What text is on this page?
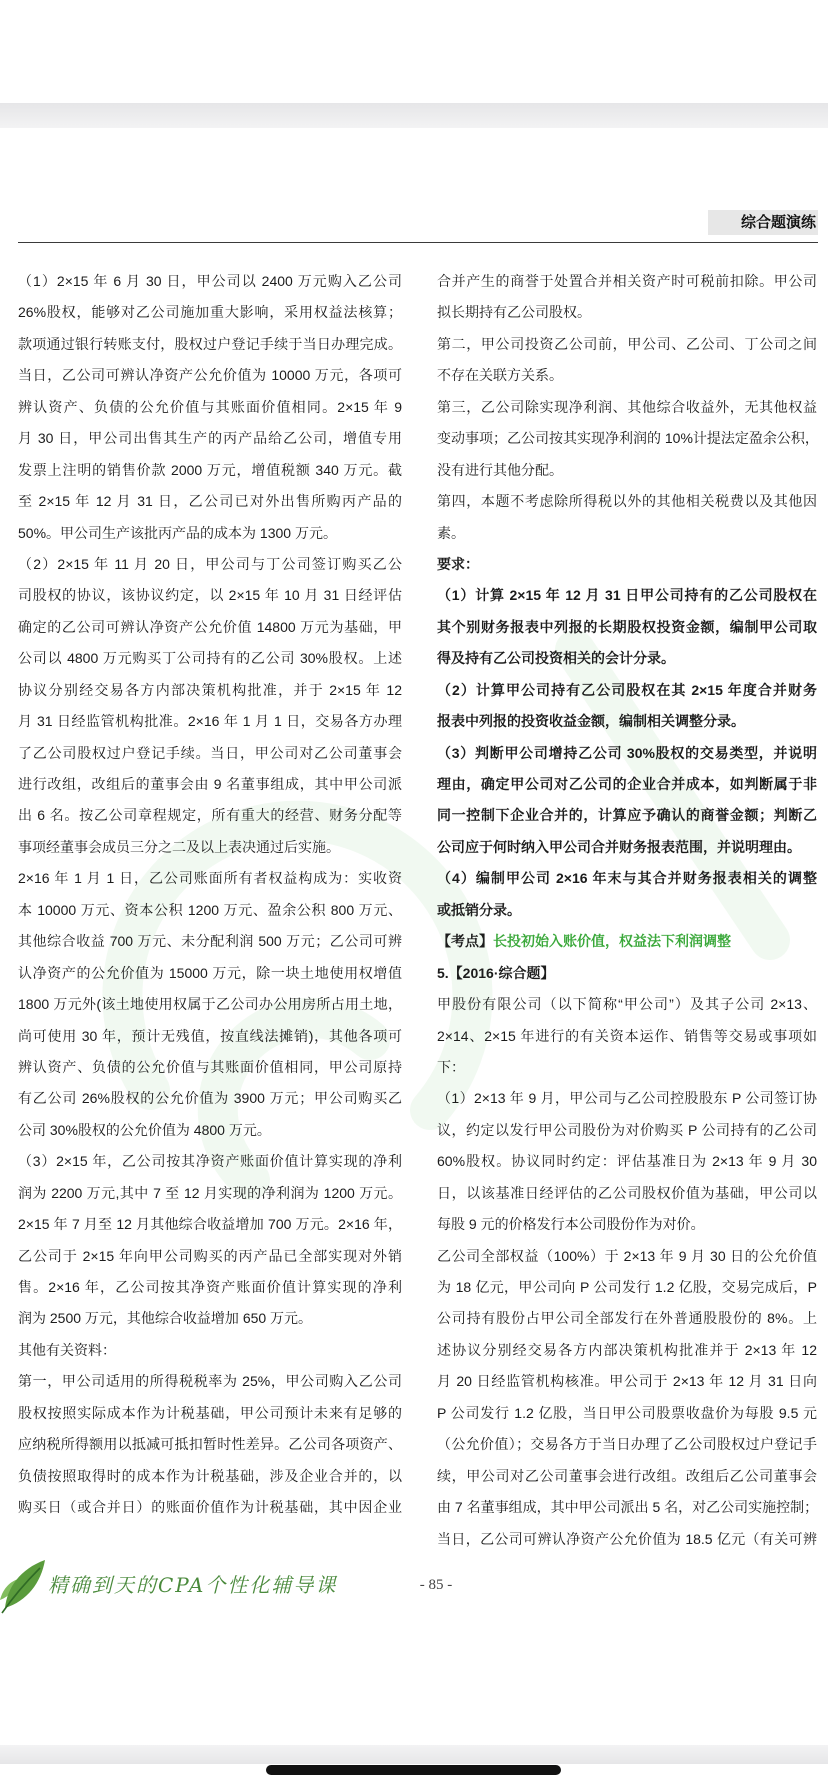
综合题演练
（1）2×15 年 6 月 30 日，甲公司以 2400 万元购入乙公司
26%股权，能够对乙公司施加重大影响，采用权益法核算；
款项通过银行转账支付，股权过户登记手续于当日办理完成。
当日，乙公司可辨认净资产公允价值为 10000 万元，各项可
辨认资产、负债的公允价值与其账面价值相同。2×15 年 9
月 30 日，甲公司出售其生产的丙产品给乙公司，增值专用
发票上注明的销售价款 2000 万元，增值税额 340 万元。截
至 2×15 年 12 月 31 日，乙公司已对外出售所购丙产品的
50%。甲公司生产该批丙产品的成本为 1300 万元。
（2）2×15 年 11 月 20 日，甲公司与丁公司签订购买乙公
司股权的协议，该协议约定，以 2×15 年 10 月 31 日经评估
确定的乙公司可辨认净资产公允价值 14800 万元为基础，甲
公司以 4800 万元购买丁公司持有的乙公司 30%股权。上述
协议分别经交易各方内部决策机构批准，并于 2×15 年 12
月 31 日经监管机构批准。2×16 年 1 月 1 日，交易各方办理
了乙公司股权过户登记手续。当日，甲公司对乙公司董事会
进行改组，改组后的董事会由 9 名董事组成，其中甲公司派
出 6 名。按乙公司章程规定，所有重大的经营、财务分配等
事项经董事会成员三分之二及以上表决通过后实施。
2×16 年 1 月 1 日，乙公司账面所有者权益构成为：实收资
本 10000 万元、资本公积 1200 万元、盈余公积 800 万元、
其他综合收益 700 万元、未分配利润 500 万元；乙公司可辨
认净资产的公允价值为 15000 万元，除一块土地使用权增值
1800 万元外(该土地使用权属于乙公司办公用房所占用土地，
尚可使用 30 年，预计无残值，按直线法摊销)，其他各项可
辨认资产、负债的公允价值与其账面价值相同，甲公司原持
有乙公司 26%股权的公允价值为 3900 万元；甲公司购买乙
公司 30%股权的公允价值为 4800 万元。
（3）2×15 年，乙公司按其净资产账面价值计算实现的净利
润为 2200 万元,其中 7 至 12 月实现的净利润为 1200 万元。
2×15 年 7 月至 12 月其他综合收益增加 700 万元。2×16 年，
乙公司于 2×15 年向甲公司购买的丙产品已全部实现对外销
售。2×16 年，乙公司按其净资产账面价值计算实现的净利
润为 2500 万元，其他综合收益增加 650 万元。
其他有关资料：
第一，甲公司适用的所得税税率为 25%，甲公司购入乙公司
股权按照实际成本作为计税基础，甲公司预计未来有足够的
应纳税所得额用以抵减可抵扣暂时性差异。乙公司各项资产、
负债按照取得时的成本作为计税基础，涉及企业合并的，以
购买日（或合并日）的账面价值作为计税基础，其中因企业
合并产生的商誉于处置合并相关资产时可税前扣除。甲公司
拟长期持有乙公司股权。
第二，甲公司投资乙公司前，甲公司、乙公司、丁公司之间
不存在关联方关系。
第三，乙公司除实现净利润、其他综合收益外，无其他权益
变动事项；乙公司按其实现净利润的 10%计提法定盈余公积，
没有进行其他分配。
第四，本题不考虑除所得税以外的其他相关税费以及其他因
素。
要求：
（1）计算 2×15 年 12 月 31 日甲公司持有的乙公司股权在
其个别财务报表中列报的长期股权投资金额，编制甲公司取
得及持有乙公司投资相关的会计分录。
（2）计算甲公司持有乙公司股权在其 2×15 年度合并财务
报表中列报的投资收益金额，编制相关调整分录。
（3）判断甲公司增持乙公司 30%股权的交易类型，并说明
理由，确定甲公司对乙公司的企业合并成本，如判断属于非
同一控制下企业合并的，计算应予确认的商誉金额；判断乙
公司应于何时纳入甲公司合并财务报表范围，并说明理由。
（4）编制甲公司 2×16 年末与其合并财务报表相关的调整
或抵销分录。
【考点】长投初始入账价值，权益法下利润调整
5.【2016·综合题】
甲股份有限公司（以下简称“甲公司”）及其子公司 2×13、
2×14、2×15 年进行的有关资本运作、销售等交易或事项如
下：
（1）2×13 年 9 月，甲公司与乙公司控股股东 P 公司签订协
议，约定以发行甲公司股份为对价购买 P 公司持有的乙公司
60%股权。协议同时约定：评估基准日为 2×13 年 9 月 30
日，以该基准日经评估的乙公司股权价值为基础，甲公司以
每股 9 元的价格发行本公司股份作为对价。
乙公司全部权益（100%）于 2×13 年 9 月 30 日的公允价值
为 18 亿元，甲公司向 P 公司发行 1.2 亿股，交易完成后，P
公司持有股份占甲公司全部发行在外普通股股份的 8%。上
述协议分别经交易各方内部决策机构批准并于 2×13 年 12
月 20 日经监管机构核准。甲公司于 2×13 年 12 月 31 日向
P 公司发行 1.2 亿股，当日甲公司股票收盘价为每股 9.5 元
（公允价值）；交易各方于当日办理了乙公司股权过户登记手
续，甲公司对乙公司董事会进行改组。改组后乙公司董事会
由 7 名董事组成，其中甲公司派出 5 名，对乙公司实施控制；
当日，乙公司可辨认净资产公允价值为 18.5 亿元（有关可辨
精确到天的CPA个性化辅导课	- 85 -
